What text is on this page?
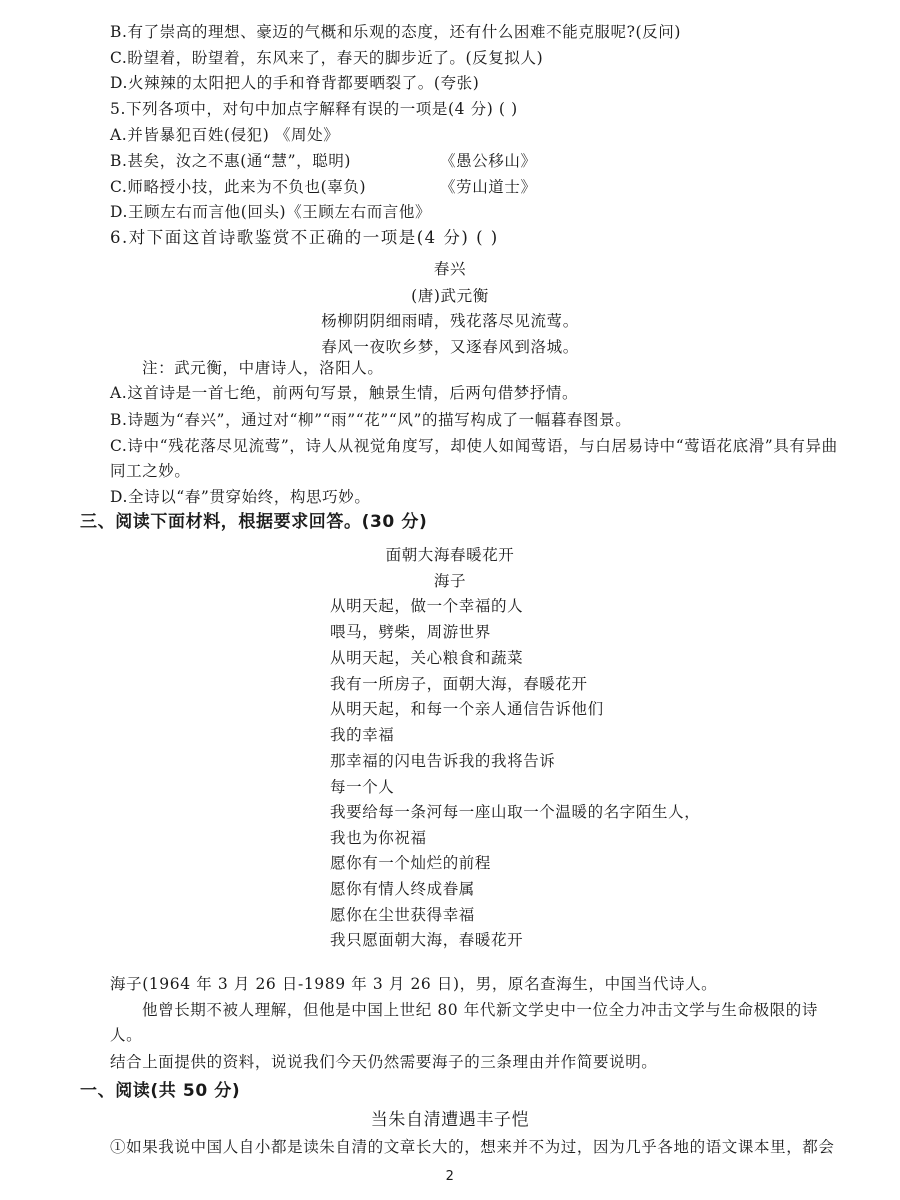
B.有了崇高的理想、豪迈的气概和乐观的态度，还有什么困难不能克服呢?(反问)
C.盼望着，盼望着，东风来了，春天的脚步近了。(反复拟人)
D.火辣辣的太阳把人的手和脊背都要晒裂了。(夸张)
5.下列各项中，对句中加点字解释有误的一项是(4 分) ( )
A.并皆暴犯百姓(侵犯) 《周处》
B.甚矣，汝之不惠(通“慧”，聪明)	《愚公移山》
C.师略授小技，此来为不负也(辜负)	《劳山道士》
D.王顾左右而言他(回头)《王顾左右而言他》
6.对下面这首诗歌鉴赏不正确的一项是(4 分) ( )
春兴
(唐)武元衡
杨柳阴阴细雨晴，残花落尽见流莺。
春风一夜吹乡梦，又逐春风到洛城。
注：武元衡，中唐诗人，洛阳人。
A.这首诗是一首七绝，前两句写景，触景生情，后两句借梦抒情。
B.诗题为“春兴”，通过对“柳”“雨”“花”“风”的描写构成了一幅暮春图景。
C.诗中“残花落尽见流莺”，诗人从视觉角度写，却使人如闻莺语，与白居易诗中“莺语花底滑”具有异曲
同工之妙。
D.全诗以“春”贯穿始终，构思巧妙。
三、阅读下面材料，根据要求回答。(30 分)
面朝大海春暖花开
海子
从明天起，做一个幸福的人
喂马，劈柴，周游世界
从明天起，关心粮食和蔬菜
我有一所房子，面朝大海，春暖花开
从明天起，和每一个亲人通信告诉他们
我的幸福
那幸福的闪电告诉我的我将告诉
每一个人
我要给每一条河每一座山取一个温暖的名字陌生人，
我也为你祝福
愿你有一个灿烂的前程
愿你有情人终成眷属
愿你在尘世获得幸福
我只愿面朝大海，春暖花开
海子(1964 年 3 月 26 日-1989 年 3 月 26 日)，男，原名查海生，中国当代诗人。
他曾长期不被人理解，但他是中国上世纪 80 年代新文学史中一位全力冲击文学与生命极限的诗
人。
结合上面提供的资料，说说我们今天仍然需要海子的三条理由并作简要说明。
一、阅读(共 50 分)
当朱自清遭遇丰子恺
①如果我说中国人自小都是读朱自清的文章长大的，想来并不为过，因为几乎各地的语文课本里，都会
2
